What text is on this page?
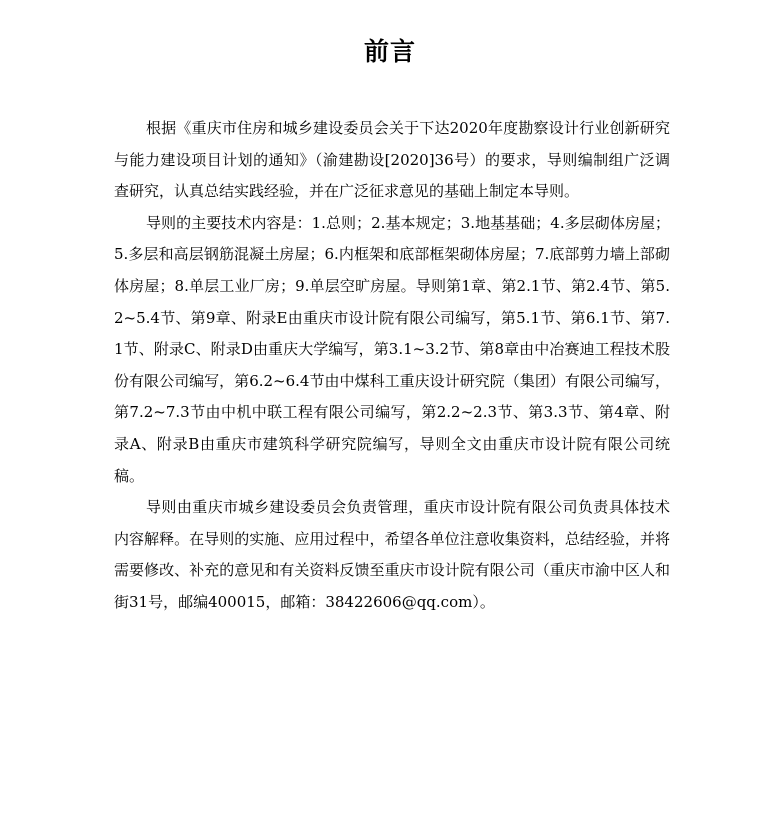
前言

根据《重庆市住房和城乡建设委员会关于下达2020年度勘察设计行业创新研究与能力建设项目计划的通知》（渝建勘设[2020]36号）的要求，导则编制组广泛调查研究，认真总结实践经验，并在广泛征求意见的基础上制定本导则。

导则的主要技术内容是：1.总则；2.基本规定；3.地基基础；4.多层砌体房屋；5.多层和高层钢筋混凝土房屋；6.内框架和底部框架砌体房屋；7.底部剪力墙上部砌体房屋；8.单层工业厂房；9.单层空旷房屋。导则第1章、第2.1节、第2.4节、第5.2~5.4节、第9章、附录E由重庆市设计院有限公司编写，第5.1节、第6.1节、第7.1节、附录C、附录D由重庆大学编写，第3.1~3.2节、第8章由中冶赛迪工程技术股份有限公司编写，第6.2~6.4节由中煤科工重庆设计研究院（集团）有限公司编写，第7.2~7.3节由中机中联工程有限公司编写，第2.2~2.3节、第3.3节、第4章、附录A、附录B由重庆市建筑科学研究院编写，导则全文由重庆市设计院有限公司统稿。

导则由重庆市城乡建设委员会负责管理，重庆市设计院有限公司负责具体技术内容解释。在导则的实施、应用过程中，希望各单位注意收集资料，总结经验，并将需要修改、补充的意见和有关资料反馈至重庆市设计院有限公司（重庆市渝中区人和街31号，邮编400015，邮箱：38422606@qq.com）。
